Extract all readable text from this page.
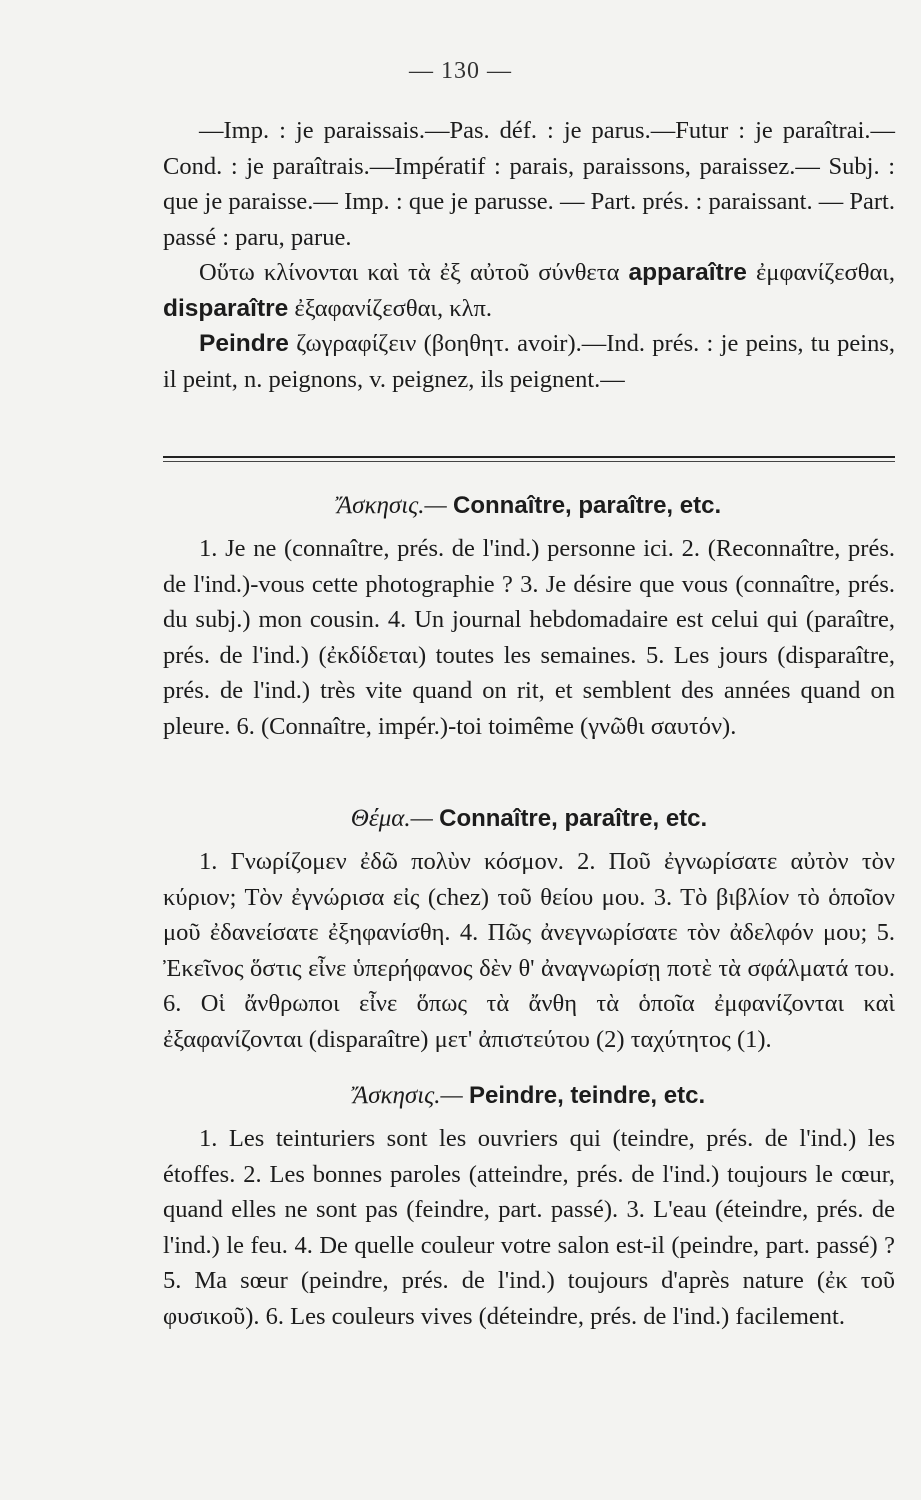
— 130 —

—Imp. : je paraissais.—Pas. déf. : je parus.—Futur : je paraîtrai.—Cond. : je paraîtrais.—Impératif : parais, paraissons, paraissez.— Subj. : que je paraisse.— Imp. : que je parusse. — Part. prés. : paraissant. — Part. passé : paru, parue.

Οὕτω κλίνονται καὶ τὰ ἐξ αὐτοῦ σύνθετα apparaître ἐμφανίζεσθαι, disparaître ἐξαφανίζεσθαι, κλπ.

Peindre ζωγραφίζειν (βοηθητ. avoir).—Ind. prés. : je peins, tu peins, il peint, n. peignons, v. peignez, ils peignent.—

Ἄσκησις.— Connaître, paraître, etc.

1. Je ne (connaître, prés. de l'ind.) personne ici. 2. (Reconnaître, prés. de l'ind.)-vous cette photographie ? 3. Je désire que vous (connaître, prés. du subj.) mon cousin. 4. Un journal hebdomadaire est celui qui (paraître, prés. de l'ind.) (ἐκδίδεται) toutes les semaines. 5. Les jours (disparaître, prés. de l'ind.) très vite quand on rit, et semblent des années quand on pleure. 6. (Connaître, impér.)-toi toimême (γνῶθι σαυτόν).

Θέμα.— Connaître, paraître, etc.

1. Γνωρίζομεν ἐδῶ πολὺν κόσμον. 2. Ποῦ ἐγνωρίσατε αὐτὸν τὸν κύριον; Τὸν ἐγνώρισα εἰς (chez) τοῦ θείου μου. 3. Τὸ βιβλίον τὸ ὁποῖον μοῦ ἐδανείσατε ἐξηφανίσθη. 4. Πῶς ἀνεγνωρίσατε τὸν ἀδελφόν μου; 5. Ἐκεῖνος ὅστις εἶνε ὑπερήφανος δὲν θ' ἀναγνωρίσῃ ποτὲ τὰ σφάλματά του. 6. Οἱ ἄνθρωποι εἶνε ὅπως τὰ ἄνθη τὰ ὁποῖα ἐμφανίζονται καὶ ἐξαφανίζονται (disparaître) μετ' ἀπιστεύτου (2) ταχύτητος (1).

Ἄσκησις.— Peindre, teindre, etc.

1. Les teinturiers sont les ouvriers qui (teindre, prés. de l'ind.) les étoffes. 2. Les bonnes paroles (atteindre, prés. de l'ind.) toujours le cœur, quand elles ne sont pas (feindre, part. passé). 3. L'eau (éteindre, prés. de l'ind.) le feu. 4. De quelle couleur votre salon est-il (peindre, part. passé) ? 5. Ma sœur (peindre, prés. de l'ind.) toujours d'après nature (ἐκ τοῦ φυσικοῦ). 6. Les couleurs vives (déteindre, prés. de l'ind.) facilement.
